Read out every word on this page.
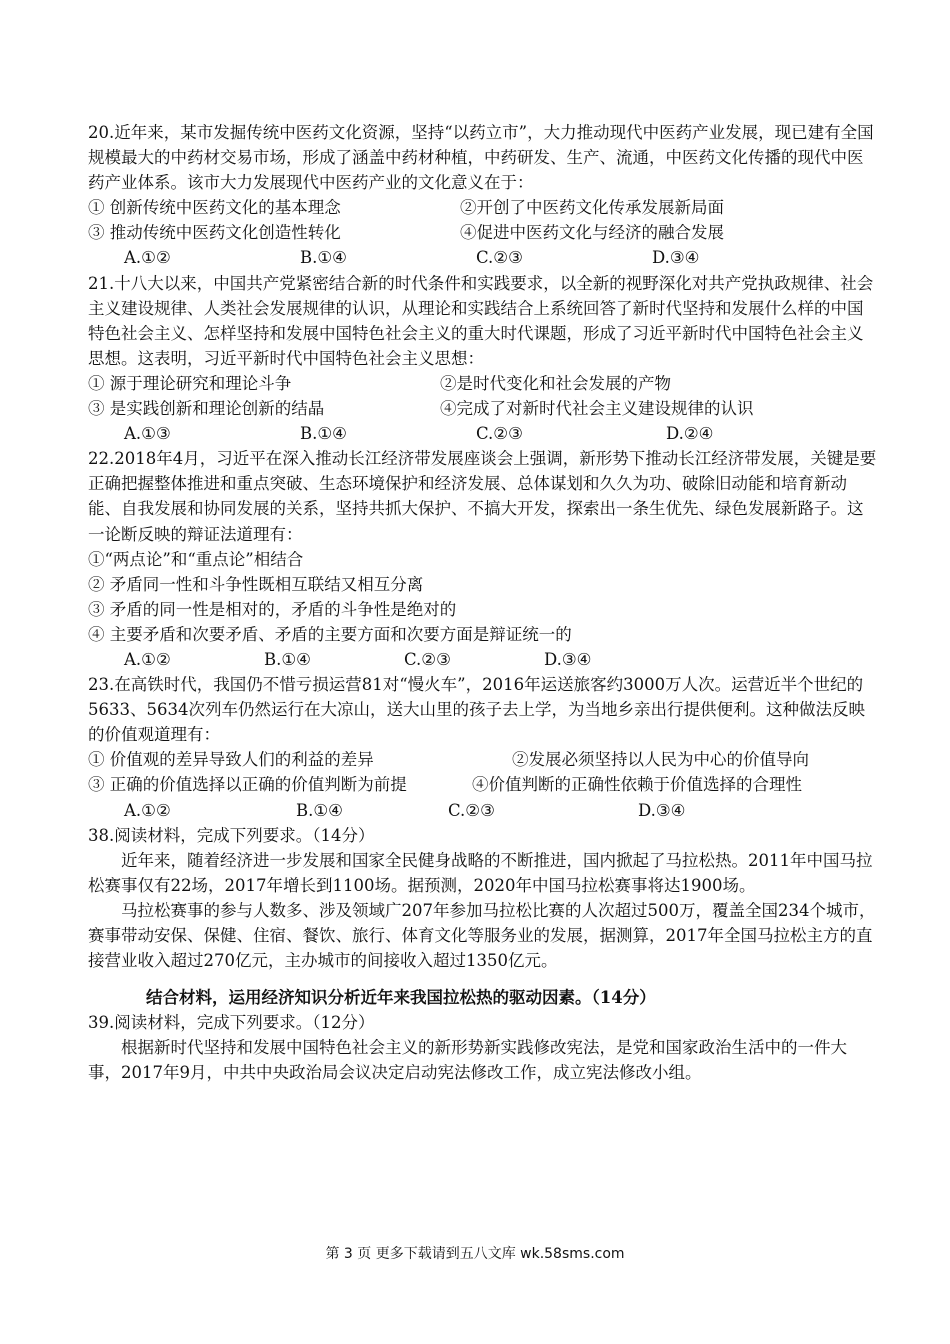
20.近年来，某市发掘传统中医药文化资源，坚持“以药立市”，大力推动现代中医药产业发展，现已建有全国规模最大的中药材交易市场，形成了涵盖中药材种植，中药研发、生产、流通，中医药文化传播的现代中医药产业体系。该市大力发展现代中医药产业的文化意义在于：

① 创新传统中医药文化的基本理念	②开创了中医药文化传承发展新局面
③ 推动传统中医药文化创造性转化	④促进中医药文化与经济的融合发展
A.①②	B.①④	C.②③	D.③④

21.十八大以来，中国共产党紧密结合新的时代条件和实践要求，以全新的视野深化对共产党执政规律、社会主义建设规律、人类社会发展规律的认识，从理论和实践结合上系统回答了新时代坚持和发展什么样的中国特色社会主义、怎样坚持和发展中国特色社会主义的重大时代课题，形成了习近平新时代中国特色社会主义思想。这表明，习近平新时代中国特色社会主义思想：

① 源于理论研究和理论斗争	②是时代变化和社会发展的产物
③ 是实践创新和理论创新的结晶	④完成了对新时代社会主义建设规律的认识
A.①③	B.①④	C.②③	D.②④

22.2018年4月，习近平在深入推动长江经济带发展座谈会上强调，新形势下推动长江经济带发展，关键是要正确把握整体推进和重点突破、生态环境保护和经济发展、总体谋划和久久为功、破除旧动能和培育新动能、自我发展和协同发展的关系，坚持共抓大保护、不搞大开发，探索出一条生优先、绿色发展新路子。这一论断反映的辩证法道理有：

①“两点论”和“重点论”相结合

② 矛盾同一性和斗争性既相互联结又相互分离

③ 矛盾的同一性是相对的，矛盾的斗争性是绝对的

④ 主要矛盾和次要矛盾、矛盾的主要方面和次要方面是辩证统一的

A.①②	B.①④	C.②③	D.③④

23.在高铁时代，我国仍不惜亏损运营81对“慢火车”，2016年运送旅客约3000万人次。运营近半个世纪的5633、5634次列车仍然运行在大凉山，送大山里的孩子去上学，为当地乡亲出行提供便利。这种做法反映的价值观道理有：

① 价值观的差异导致人们的利益的差异	②发展必须坚持以人民为中心的价值导向
③ 正确的价值选择以正确的价值判断为前提	④价值判断的正确性依赖于价值选择的合理性
A.①②	B.①④	C.②③	D.③④

38.阅读材料，完成下列要求。（14分）

近年来，随着经济进一步发展和国家全民健身战略的不断推进，国内掀起了马拉松热。2011年中国马拉松赛事仅有22场，2017年增长到1100场。据预测，2020年中国马拉松赛事将达1900场。

马拉松赛事的参与人数多、涉及领域广207年参加马拉松比赛的人次超过500万，覆盖全国234个城市，赛事带动安保、保健、住宿、餐饮、旅行、体育文化等服务业的发展，据测算，2017年全国马拉松主方的直接营业收入超过270亿元，主办城市的间接收入超过1350亿元。

结合材料，运用经济知识分析近年来我国拉松热的驱动因素。（14分）

39.阅读材料，完成下列要求。（12分）

根据新时代坚持和发展中国特色社会主义的新形势新实践修改宪法，是党和国家政治生活中的一件大事，2017年9月，中共中央政治局会议决定启动宪法修改工作，成立宪法修改小组。

第 3 页 更多下载请到五八文库 wk.58sms.com
